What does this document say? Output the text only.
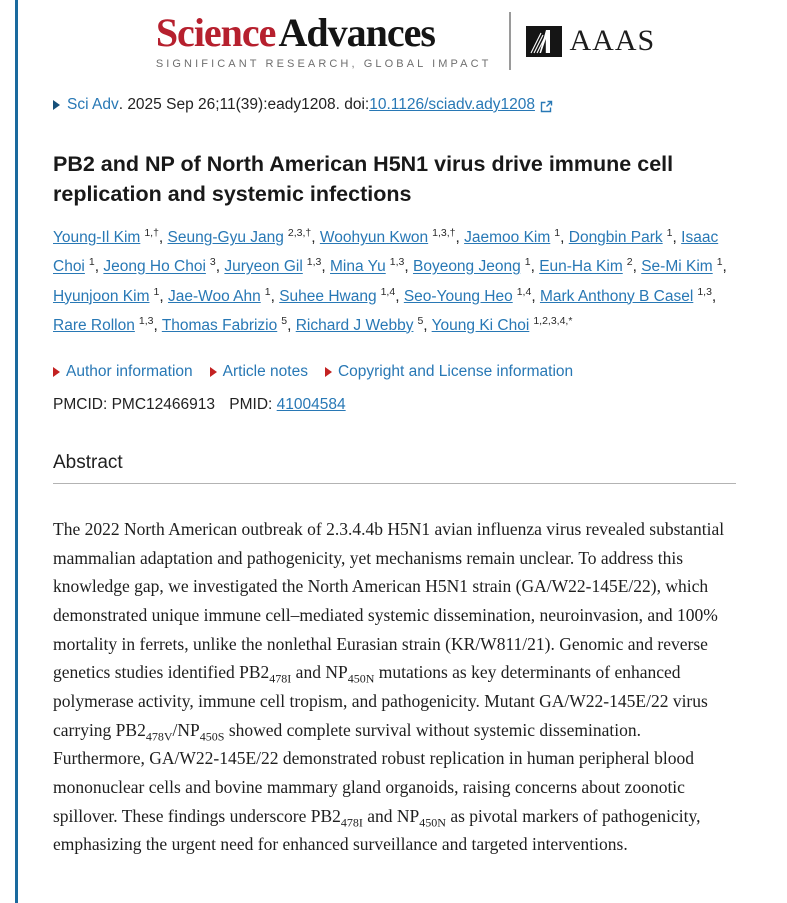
ScienceAdvances
SIGNIFICANT RESEARCH, GLOBAL IMPACT
AAAS
Sci Adv . 2025 Sep 26;11(39):eady1208. doi: 10.1126/sciadv.ady1208
PB2 and NP of North American H5N1 virus drive immune cell replication and systemic infections
Young-Il Kim $^{1,\dagger}$, Seung-Gyu Jang $^{2,3,\dagger}$, Woohyun Kwon $^{1,3,\dagger}$, Jaemoo Kim $^1$, Dongbin Park $^1$, Isaac Choi $^1$, Jeong Ho Choi $^3$, Juryeon Gil $^{1,3}$, Mina Yu $^{1,3}$, Boyeong Jeong $^1$, Eun-Ha Kim $^2$, Se-Mi Kim $^1$, Hyunjoon Kim $^1$, Jae-Woo Ahn $^1$, Suhee Hwang $^{1,4}$, Seo-Young Heo $^{1,4}$, Mark Anthony B Casel $^{1,3}$, Rare Rollon $^{1,3}$, Thomas Fabrizio $^5$, Richard J Webby $^5$, Young Ki Choi $^{1,2,3,4,*}$
Author information Article notes Copyright and License information
PMCID: PMC12466913 PMID: 41004584
Abstract

The 2022 North American outbreak of 2.3.4.4b H5N1 avian influenza virus revealed substantial mammalian adaptation and pathogenicity, yet mechanisms remain unclear. To address this knowledge gap, we investigated the North American H5N1 strain (GA/W22-145E/22), which demonstrated unique immune cell–mediated systemic dissemination, neuroinvasion, and 100% mortality in ferrets, unlike the nonlethal Eurasian strain (KR/W811/21). Genomic and reverse genetics studies identified $PB2_{478I}$ and $NP_{450N}$ mutations as key determinants of enhanced polymerase activity, immune cell tropism, and pathogenicity. Mutant GA/W22-145E/22 virus carrying $PB2_{478V}/NP_{450S}$ showed complete survival without systemic dissemination. Furthermore, GA/W22-145E/22 demonstrated robust replication in human peripheral blood mononuclear cells and bovine mammary gland organoids, raising concerns about zoonotic spillover. These findings underscore $PB2_{478I}$ and $NP_{450N}$ as pivotal markers of pathogenicity, emphasizing the urgent need for enhanced surveillance and targeted interventions.
